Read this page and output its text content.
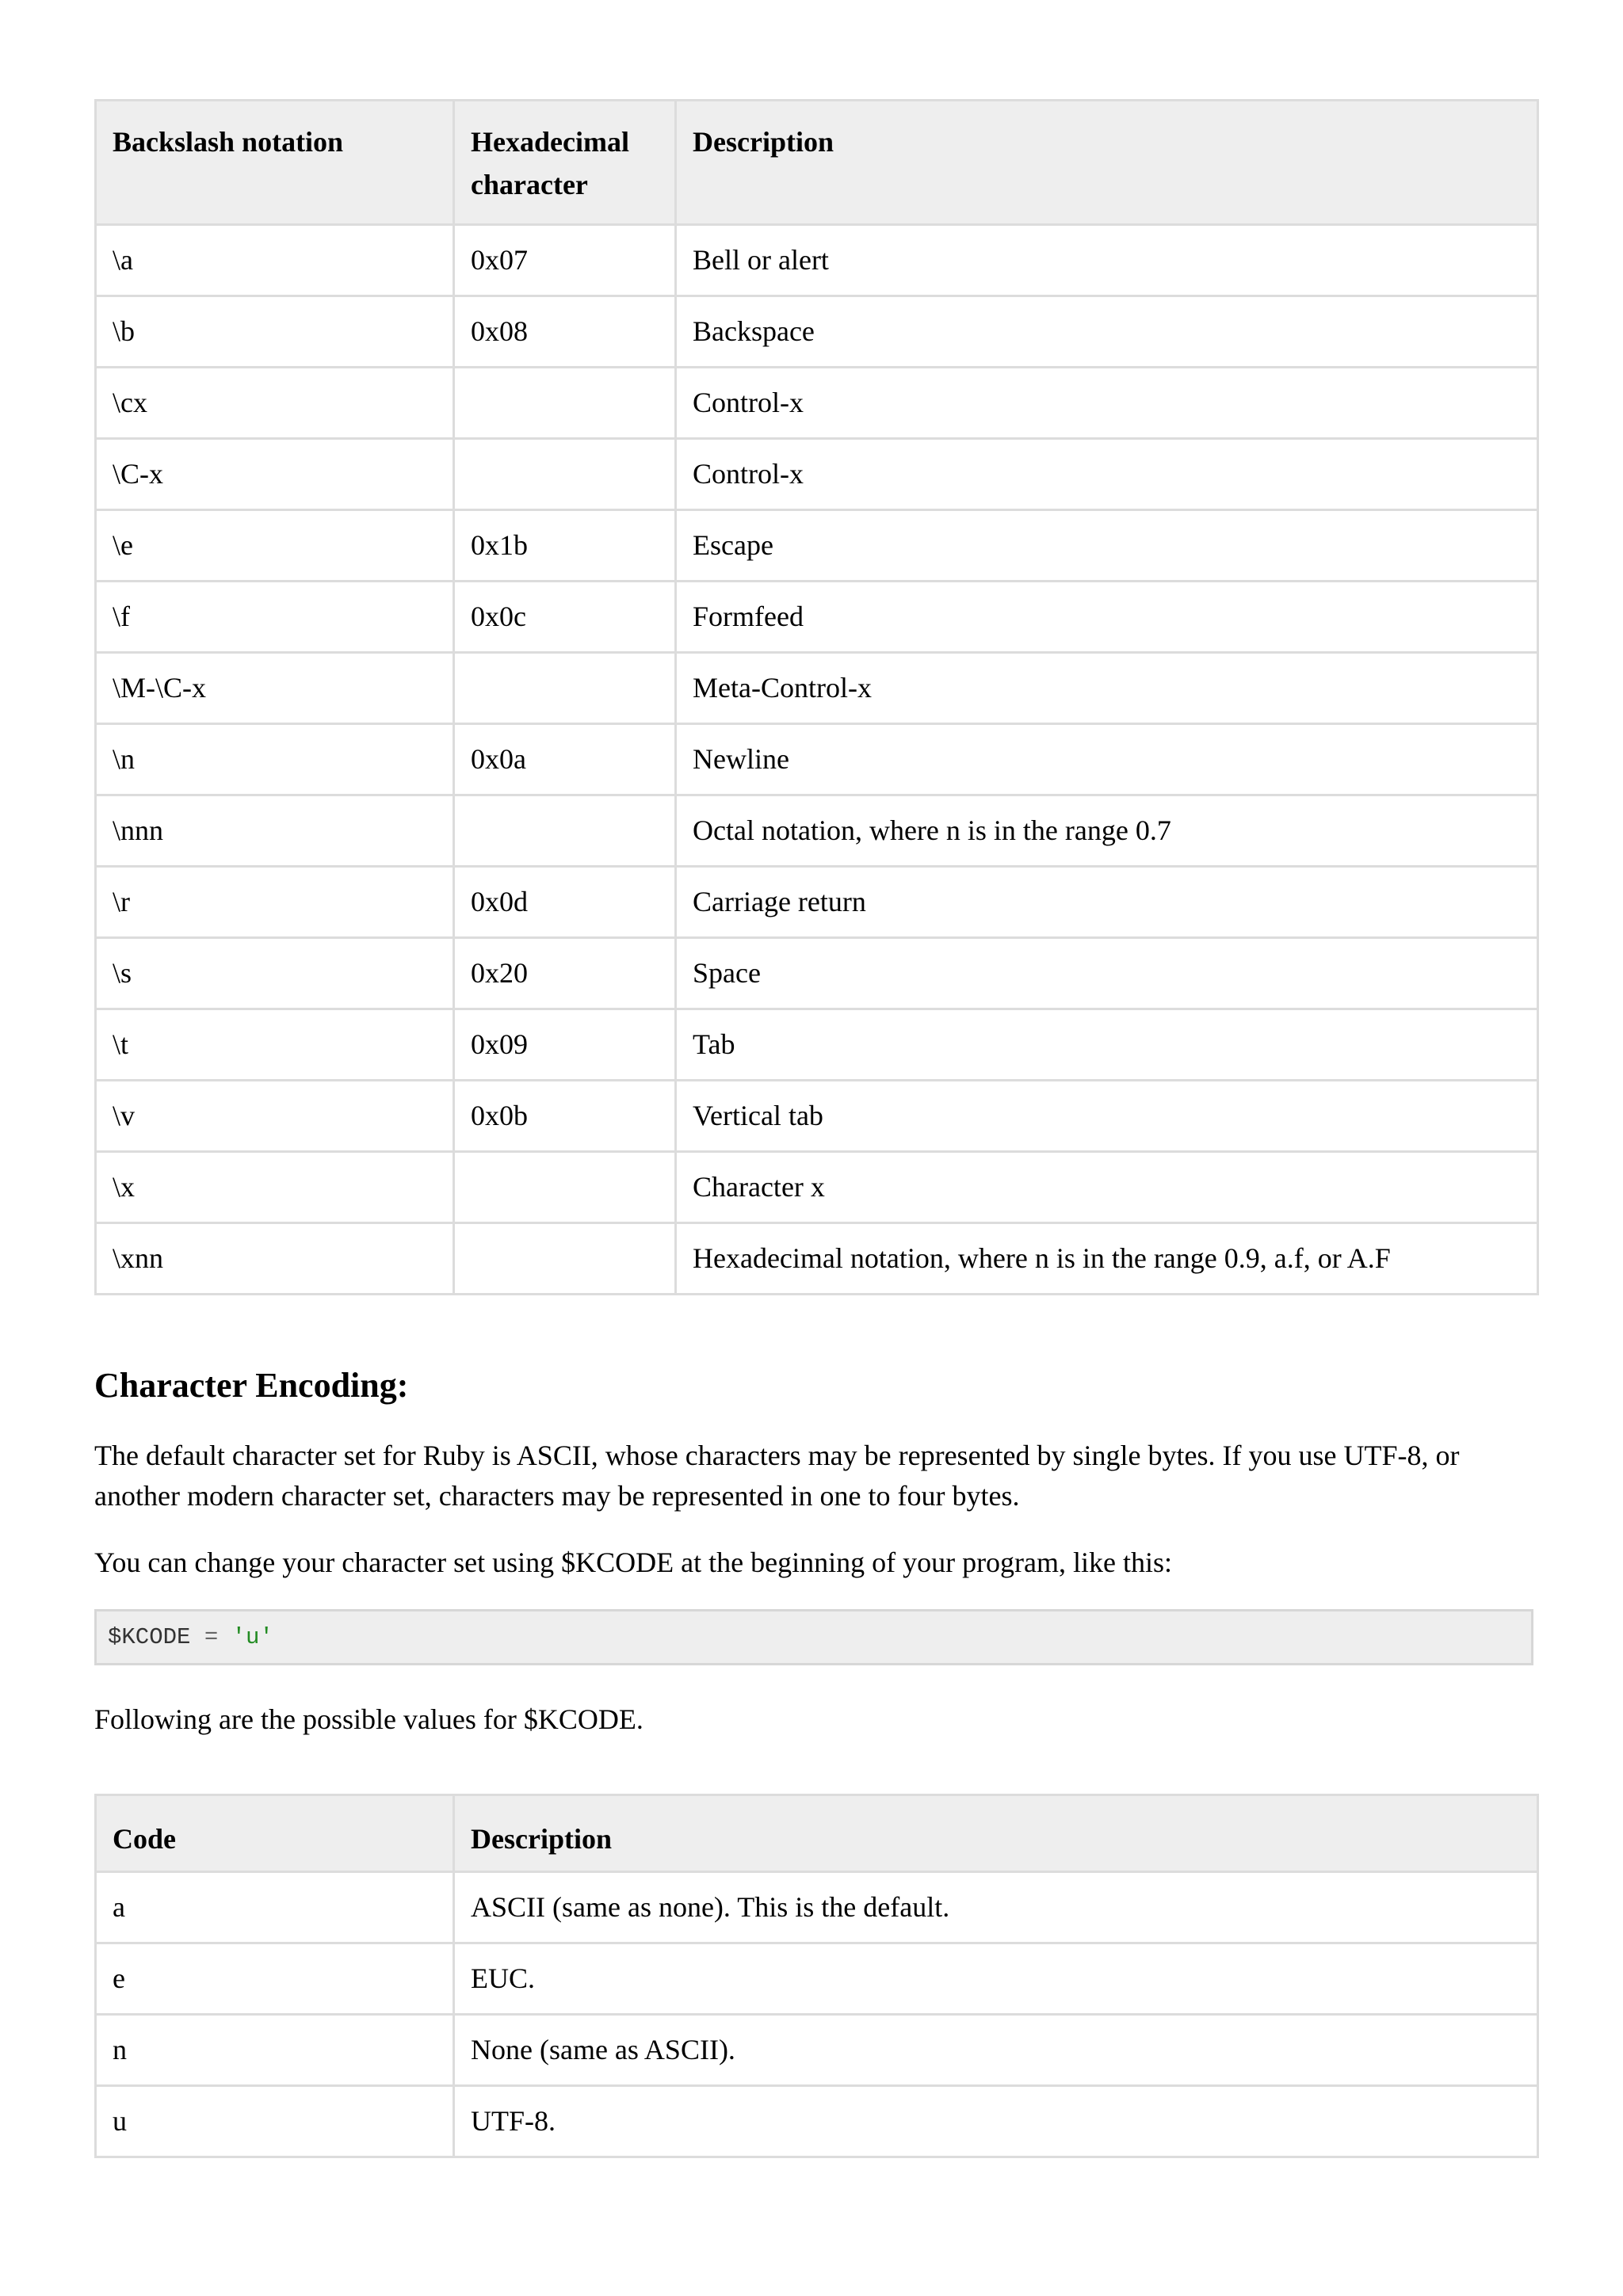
Backslash notation	Hexadecimal character	Description
\a	0x07	Bell or alert
\b	0x08	Backspace
\cx		Control-x
\C-x		Control-x
\e	0x1b	Escape
\f	0x0c	Formfeed
\M-\C-x		Meta-Control-x
\n	0x0a	Newline
\nnn		Octal notation, where n is in the range 0.7
\r	0x0d	Carriage return
\s	0x20	Space
\t	0x09	Tab
\v	0x0b	Vertical tab
\x		Character x
\xnn		Hexadecimal notation, where n is in the range 0.9, a.f, or A.F
Character Encoding:

The default character set for Ruby is ASCII, whose characters may be represented by single bytes. If you use UTF-8, or another modern character set, characters may be represented in one to four bytes.

You can change your character set using $KCODE at the beginning of your program, like this:

$KCODE = 'u'

Following are the possible values for $KCODE.

Code	Description
a	ASCII (same as none). This is the default.
e	EUC.
n	None (same as ASCII).
u	UTF-8.
